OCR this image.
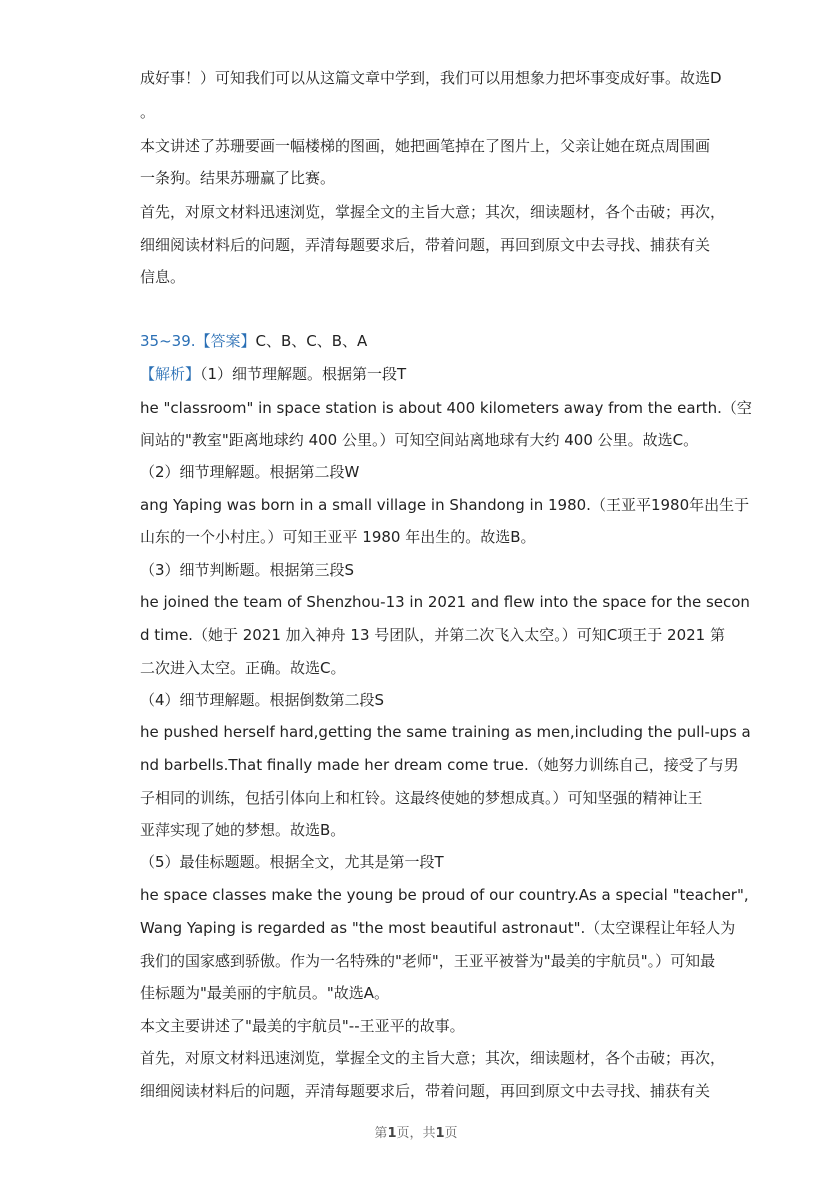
成好事！）可知我们可以从这篇文章中学到，我们可以用想象力把坏事变成好事。故选D
。
本文讲述了苏珊要画一幅楼梯的图画，她把画笔掉在了图片上，父亲让她在斑点周围画
一条狗。结果苏珊赢了比赛。
首先，对原文材料迅速浏览，掌握全文的主旨大意；其次，细读题材，各个击破；再次，
细细阅读材料后的问题，弄清每题要求后，带着问题，再回到原文中去寻找、捕获有关
信息。
35~39.【答案】C、B、C、B、A
【解析】（1）细节理解题。根据第一段T
he "classroom" in space station is about 400 kilometers away from the earth.（空
间站的"教室"距离地球约 400 公里。）可知空间站离地球有大约 400 公里。故选C。
（2）细节理解题。根据第二段W
ang Yaping was born in a small village in Shandong in 1980.（王亚平1980年出生于
山东的一个小村庄。）可知王亚平 1980 年出生的。故选B。
（3）细节判断题。根据第三段S
he joined the team of Shenzhou-13 in 2021 and flew into the space for the secon
d time.（她于 2021 加入神舟 13 号团队，并第二次飞入太空。）可知C项王于 2021 第
二次进入太空。正确。故选C。
（4）细节理解题。根据倒数第二段S
he pushed herself hard,getting the same training as men,including the pull-ups a
nd barbells.That finally made her dream come true.（她努力训练自己，接受了与男
子相同的训练，包括引体向上和杠铃。这最终使她的梦想成真。）可知坚强的精神让王
亚萍实现了她的梦想。故选B。
（5）最佳标题题。根据全文，尤其是第一段T
he space classes make the young be proud of our country.As a special "teacher",
Wang Yaping is regarded as "the most beautiful astronaut".（太空课程让年轻人为
我们的国家感到骄傲。作为一名特殊的"老师"，王亚平被誉为"最美的宇航员"。）可知最
佳标题为"最美丽的宇航员。"故选A。
本文主要讲述了"最美的宇航员"--王亚平的故事。
首先，对原文材料迅速浏览，掌握全文的主旨大意；其次，细读题材，各个击破；再次，
细细阅读材料后的问题，弄清每题要求后，带着问题，再回到原文中去寻找、捕获有关
第1页，共1页
